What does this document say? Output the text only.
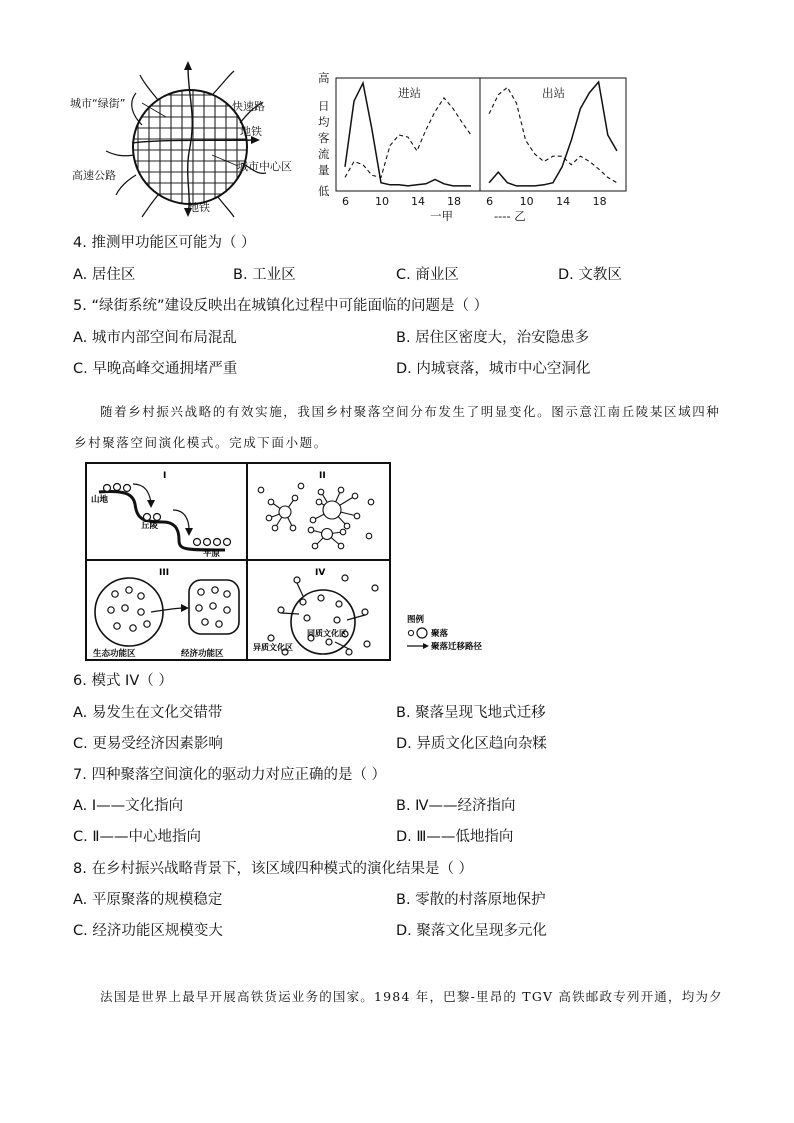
城市“绿街”	快速路
地铁
城市中心区
高速公路
地铁
高
日
均
客
流
量
低
进站	出站
6 10 14 18 6 10 14 18
一甲	---- 乙
4. 推测甲功能区可能为（ ）
A. 居住区	B. 工业区	C. 商业区	D. 文教区
5. “绿街系统”建设反映出在城镇化过程中可能面临的问题是（ ）
A. 城市内部空间布局混乱	B. 居住区密度大，治安隐患多
C. 早晚高峰交通拥堵严重	D. 内城衰落，城市中心空洞化
随着乡村振兴战略的有效实施，我国乡村聚落空间分布发生了明显变化。图示意江南丘陵某区域四种
乡村聚落空间演化模式。完成下面小题。
I	II
III	IV
山地
丘陵
平原
生态功能区	经济功能区
同质文化区
异质文化区
图例
聚落
聚落迁移路径
6. 模式 IV（ ）
A. 易发生在文化交错带	B. 聚落呈现飞地式迁移
C. 更易受经济因素影响	D. 异质文化区趋向杂糅
7. 四种聚落空间演化的驱动力对应正确的是（ ）
A. Ⅰ——文化指向	B. Ⅳ——经济指向
C. Ⅱ——中心地指向	D. Ⅲ——低地指向
8. 在乡村振兴战略背景下，该区域四种模式的演化结果是（ ）
A. 平原聚落的规模稳定	B. 零散的村落原地保护
C. 经济功能区规模变大	D. 聚落文化呈现多元化
法国是世界上最早开展高铁货运业务的国家。1984 年，巴黎-里昂的 TGV 高铁邮政专列开通，均为夕
